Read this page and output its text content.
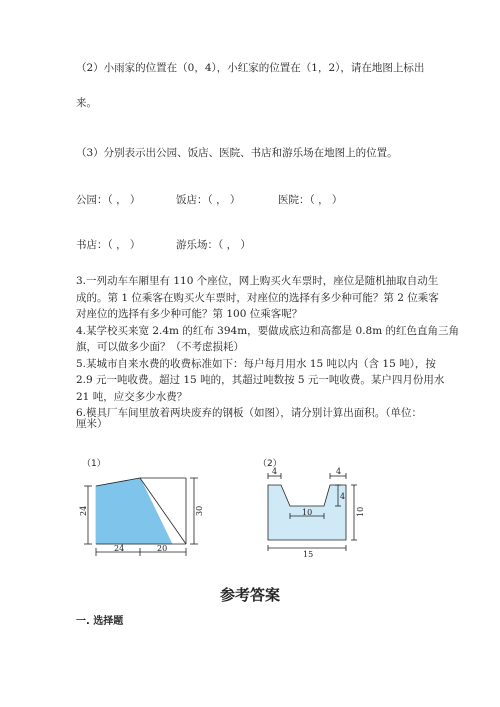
（2）小雨家的位置在（0，4），小红家的位置在（1，2），请在地图上标出
来。
（3）分别表示出公园、饭店、医院、书店和游乐场在地图上的位置。
公园：（ ， ）	饭店：（ ， ）	医院：（ ， ）
书店：（ ， ）	游乐场：（ ， ）
3.一列动车车厢里有 110 个座位，网上购买火车票时，座位是随机抽取自动生
成的。第 1 位乘客在购买火车票时，对座位的选择有多少种可能？第 2 位乘客
对座位的选择有多少种可能？第 100 位乘客呢？
4.某学校买来宽 2.4m 的红布 394m，要做成底边和高都是 0.8m 的红色直角三角
旗，可以做多少面？（不考虑损耗）
5.某城市自来水费的收费标准如下：每户每月用水 15 吨以内（含 15 吨），按
2.9 元一吨收费。超过 15 吨的，其超过吨数按 5 元一吨收费。某户四月份用水
21 吨，应交多少水费？
6.模具厂车间里放着两块废弃的钢板（如图），请分别计算出面积。（单位：
厘米）
（1）	（2）
24	30
24	20
4	4
4
10	10
15
参考答案
一. 选择题
